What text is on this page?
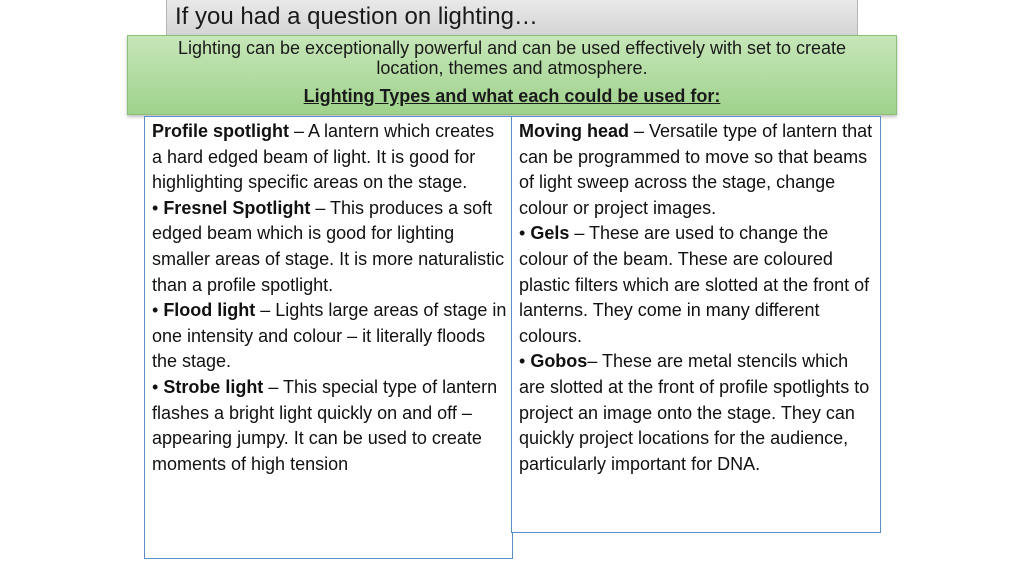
If you had a question on lighting…
Lighting can be exceptionally powerful and can be used effectively with set to create location, themes and atmosphere.
Lighting Types and what each could be used for:

Profile spotlight – A lantern which creates a hard edged beam of light. It is good for highlighting specific areas on the stage.

• Fresnel Spotlight – This produces a soft edged beam which is good for lighting smaller areas of stage. It is more naturalistic than a profile spotlight.

• Flood light – Lights large areas of stage in one intensity and colour – it literally floods the stage.

• Strobe light – This special type of lantern flashes a bright light quickly on and off – appearing jumpy. It can be used to create moments of high tension

Moving head – Versatile type of lantern that can be programmed to move so that beams of light sweep across the stage, change colour or project images.

• Gels – These are used to change the colour of the beam. These are coloured plastic filters which are slotted at the front of lanterns. They come in many different colours.

• Gobos– These are metal stencils which are slotted at the front of profile spotlights to project an image onto the stage. They can quickly project locations for the audience, particularly important for DNA.
